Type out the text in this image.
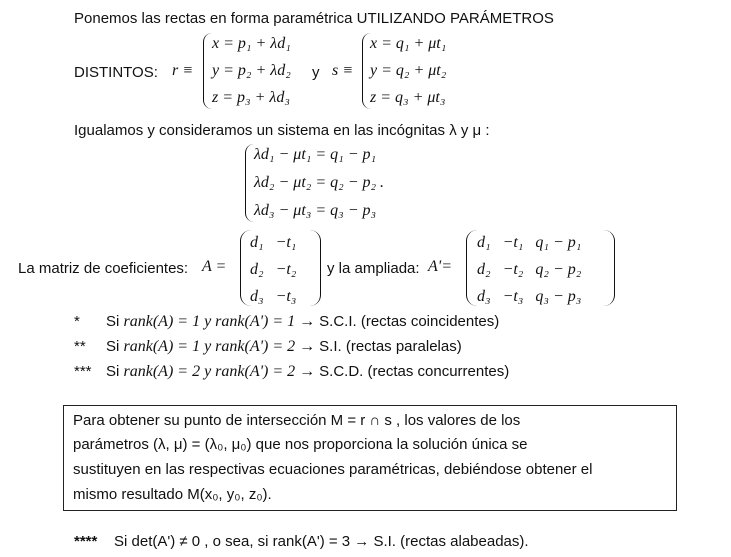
Ponemos las rectas en forma paramétrica UTILIZANDO PARÁMETROS
DISTINTOS: r ≡
x = p₁ + λd₁
y = p₂ + λd₂
z = p₃ + λd₃
y s ≡
x = q₁ + μt₁
y = q₂ + μt₂
z = q₃ + μt₃
Igualamos y consideramos un sistema en las incógnitas λ y μ :
λd₁ − μt₁ = q₁ − p₁
λd₂ − μt₂ = q₂ − p₂ .
λd₃ − μt₃ = q₃ − p₃
La matriz de coeficientes: A =
d₁	−t₁
d₂	−t₂
d₃	−t₃
y la ampliada: A'=
d₁	−t₁	q₁ − p₁
d₂	−t₂	q₂ − p₂
d₃	−t₃	q₃ − p₃
* Si rank(A) = 1 y rank(A') = 1 → S.C.I. (rectas coincidentes)
** Si rank(A) = 1 y rank(A') = 2 → S.I. (rectas paralelas)
*** Si rank(A) = 2 y rank(A') = 2 → S.C.D. (rectas concurrentes)
Para obtener su punto de intersección M = r ∩ s , los valores de los
parámetros (λ, μ) = (λ₀, μ₀) que nos proporciona la solución única se
sustituyen en las respectivas ecuaciones paramétricas, debiéndose obtener el
mismo resultado M(x₀, y₀, z₀).
**** Si det(A') ≠ 0 , o sea, si rank(A') = 3 → S.I. (rectas alabeadas).
